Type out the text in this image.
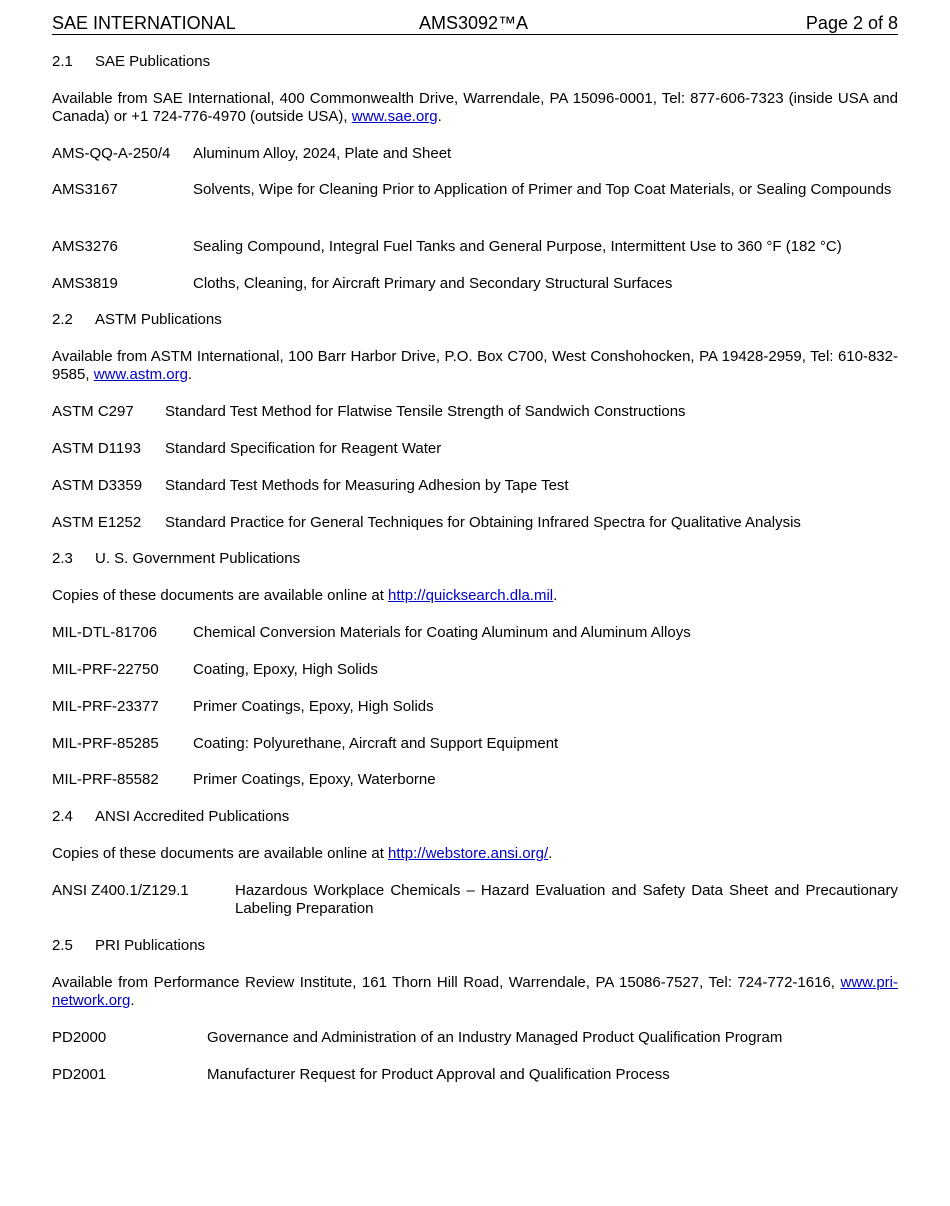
SAE INTERNATIONAL	AMS3092™A	Page 2 of 8
2.1 SAE Publications
Available from SAE International, 400 Commonwealth Drive, Warrendale, PA 15096-0001, Tel: 877-606-7323 (inside USA and Canada) or +1 724-776-4970 (outside USA), www.sae.org.
AMS-QQ-A-250/4 Aluminum Alloy, 2024, Plate and Sheet
AMS3167	Solvents, Wipe for Cleaning Prior to Application of Primer and Top Coat Materials, or Sealing Compounds
AMS3276	Sealing Compound, Integral Fuel Tanks and General Purpose, Intermittent Use to 360 °F (182 °C)
AMS3819	Cloths, Cleaning, for Aircraft Primary and Secondary Structural Surfaces
2.2 ASTM Publications
Available from ASTM International, 100 Barr Harbor Drive, P.O. Box C700, West Conshohocken, PA 19428-2959, Tel: 610-832-9585, www.astm.org.
ASTM C297 Standard Test Method for Flatwise Tensile Strength of Sandwich Constructions
ASTM D1193 Standard Specification for Reagent Water
ASTM D3359 Standard Test Methods for Measuring Adhesion by Tape Test
ASTM E1252 Standard Practice for General Techniques for Obtaining Infrared Spectra for Qualitative Analysis
2.3 U. S. Government Publications
Copies of these documents are available online at http://quicksearch.dla.mil.
MIL-DTL-81706 Chemical Conversion Materials for Coating Aluminum and Aluminum Alloys
MIL-PRF-22750 Coating, Epoxy, High Solids
MIL-PRF-23377 Primer Coatings, Epoxy, High Solids
MIL-PRF-85285 Coating: Polyurethane, Aircraft and Support Equipment
MIL-PRF-85582 Primer Coatings, Epoxy, Waterborne
2.4 ANSI Accredited Publications
Copies of these documents are available online at http://webstore.ansi.org/.
ANSI Z400.1/Z129.1	Hazardous Workplace Chemicals – Hazard Evaluation and Safety Data Sheet and Precautionary Labeling Preparation
2.5 PRI Publications
Available from Performance Review Institute, 161 Thorn Hill Road, Warrendale, PA 15086-7527, Tel: 724-772-1616, www.pri-network.org.
PD2000	Governance and Administration of an Industry Managed Product Qualification Program
PD2001	Manufacturer Request for Product Approval and Qualification Process
